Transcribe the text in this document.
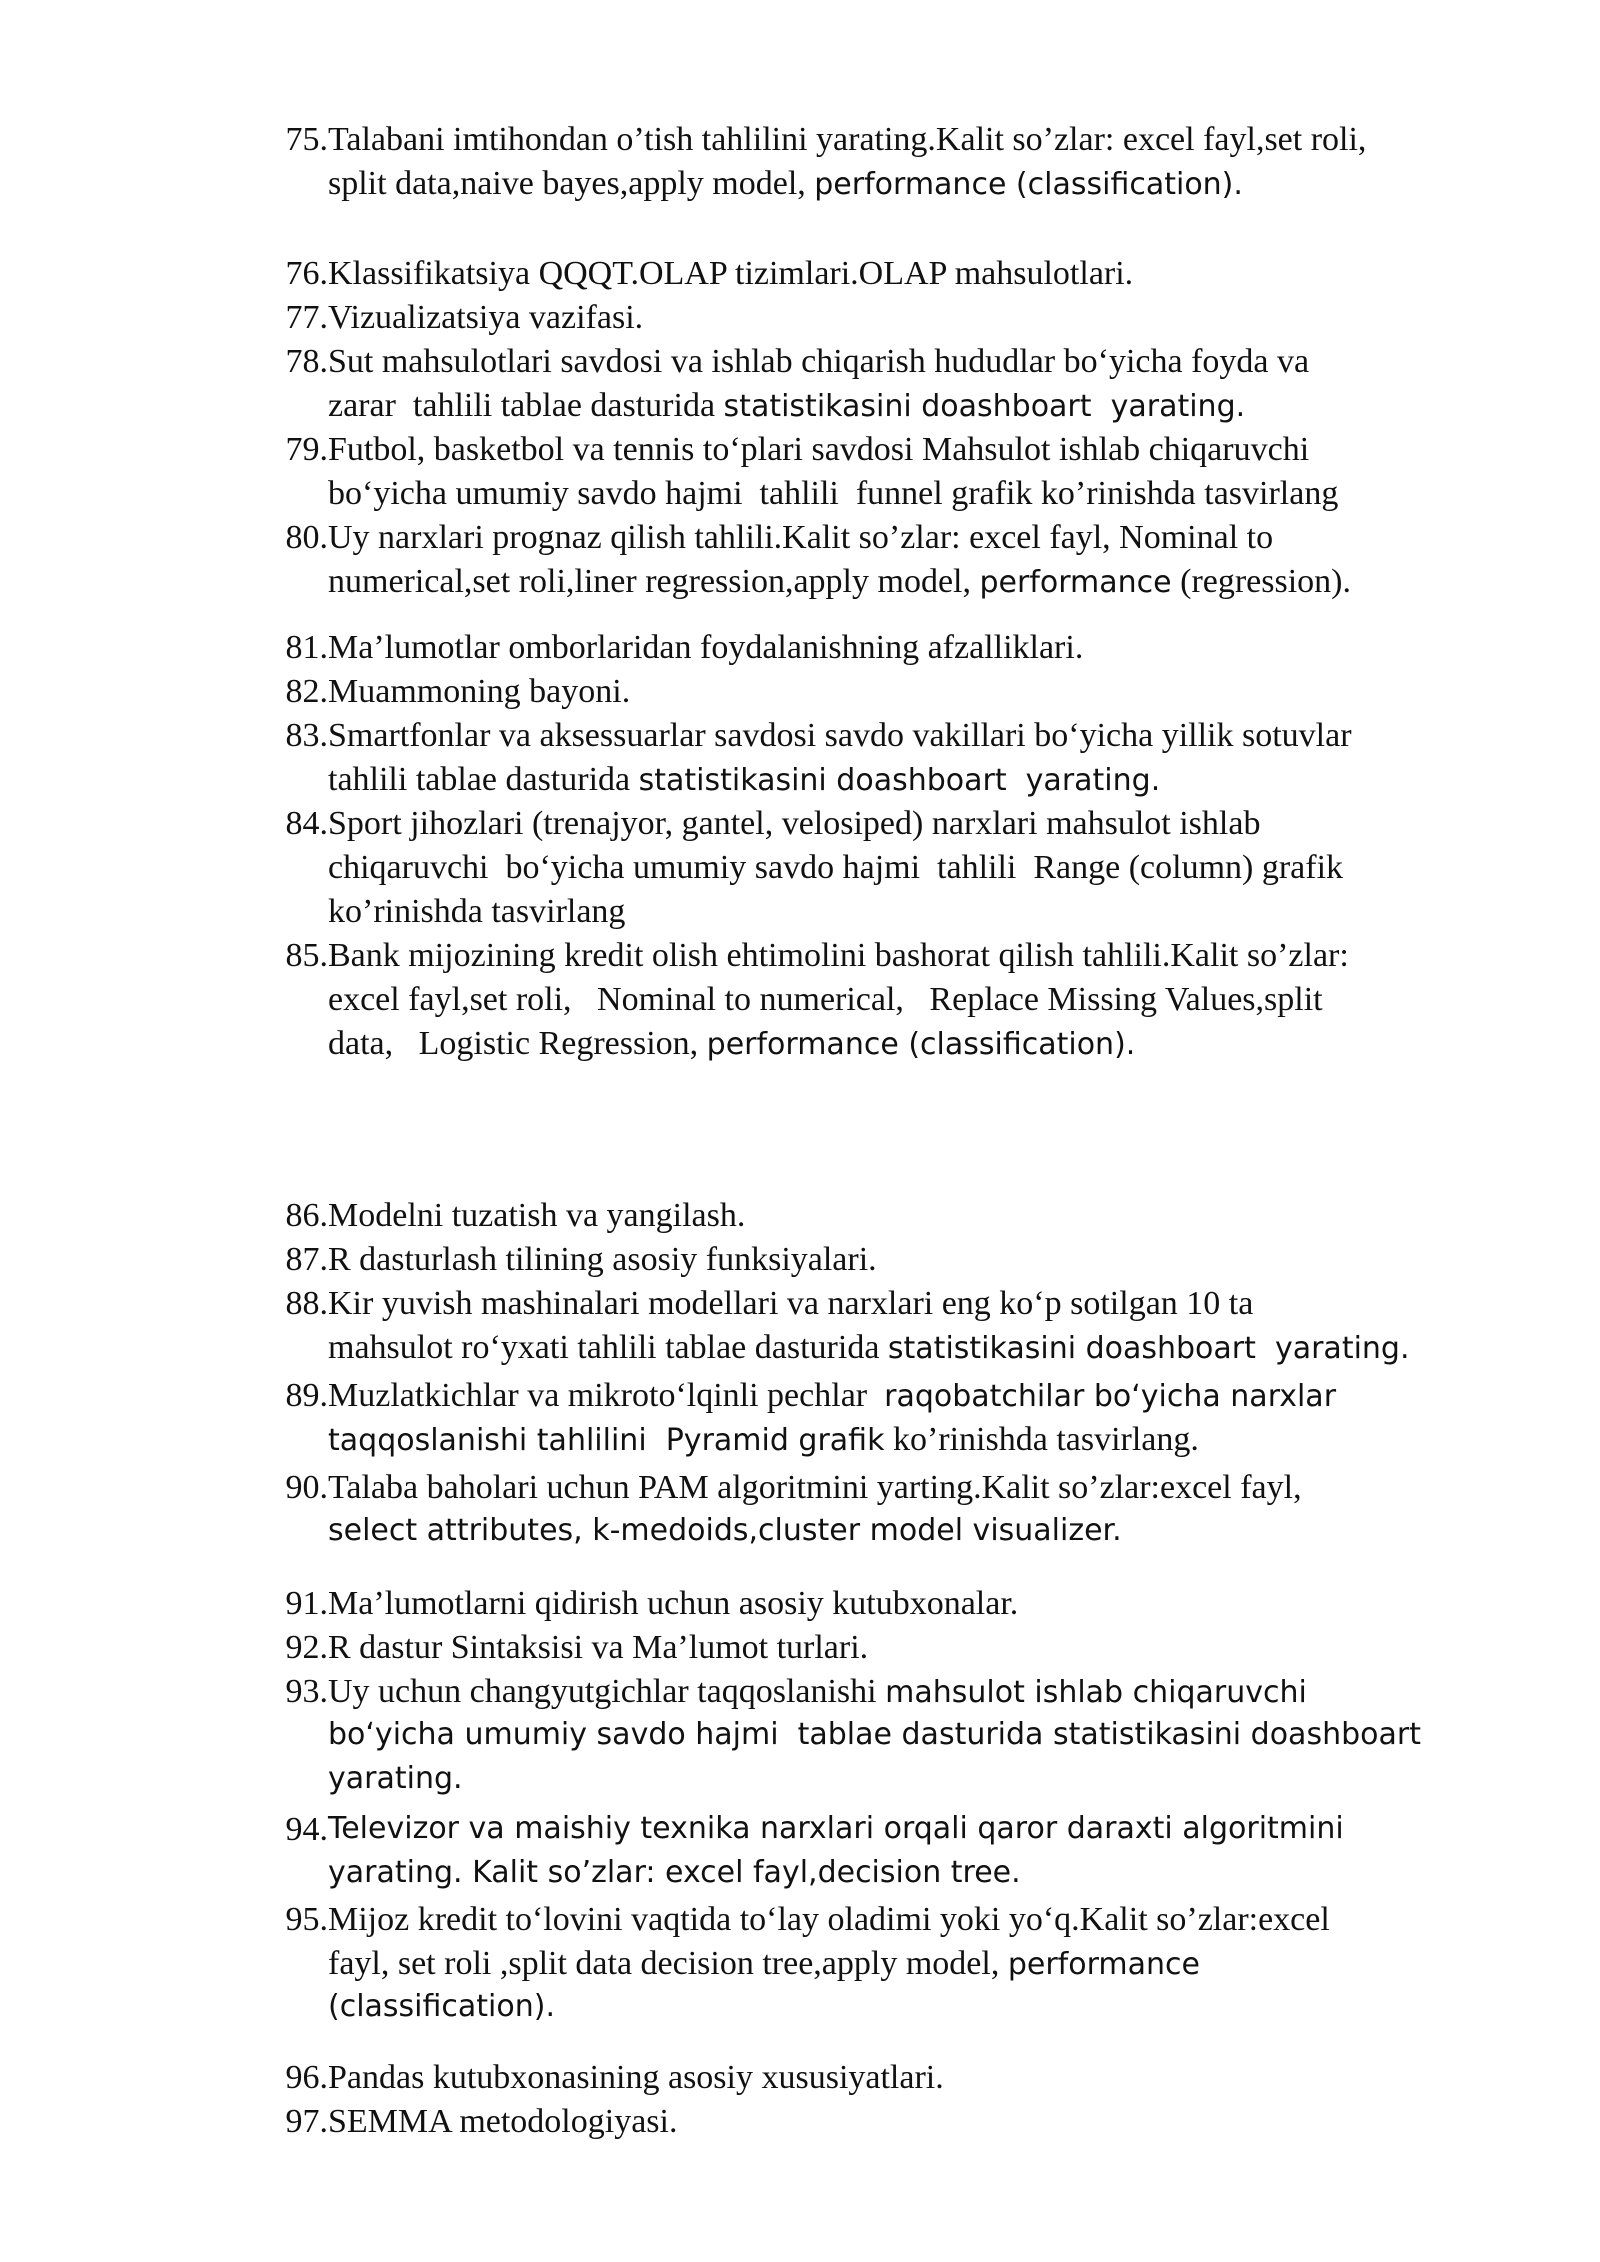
75. Talabani imtihondan o’tish tahlilini yarating.Kalit so’zlar: excel fayl,set roli,
split data,naive bayes,apply model, performance (classification).
76. Klassifikatsiya QQQT.OLAP tizimlari.OLAP mahsulotlari.
77. Vizualizatsiya vazifasi.
78. Sut mahsulotlari savdosi va ishlab chiqarish hududlar bo‘yicha foyda va
zarar  tahlili tablae dasturida statistikasini doashboart  yarating.
79. Futbol, basketbol va tennis to‘plari savdosi Mahsulot ishlab chiqaruvchi
bo‘yicha umumiy savdo hajmi  tahlili  funnel grafik ko’rinishda tasvirlang
80. Uy narxlari prognaz qilish tahlili.Kalit so’zlar: excel fayl, Nominal to
numerical,set roli,liner regression,apply model, performance (regression).
81. Ma’lumotlar omborlaridan foydalanishning afzalliklari.
82. Muammoning bayoni.
83. Smartfonlar va aksessuarlar savdosi savdo vakillari bo‘yicha yillik sotuvlar
tahlili tablae dasturida statistikasini doashboart  yarating.
84. Sport jihozlari (trenajyor, gantel, velosiped) narxlari mahsulot ishlab
chiqaruvchi  bo‘yicha umumiy savdo hajmi  tahlili  Range (column) grafik
ko’rinishda tasvirlang
85. Bank mijozining kredit olish ehtimolini bashorat qilish tahlili.Kalit so’zlar:
excel fayl,set roli,   Nominal to numerical,   Replace Missing Values,split
data,   Logistic Regression, performance (classification).
86. Modelni tuzatish va yangilash.
87. R dasturlash tilining asosiy funksiyalari.
88. Kir yuvish mashinalari modellari va narxlari eng ko‘p sotilgan 10 ta
mahsulot ro‘yxati tahlili tablae dasturida statistikasini doashboart  yarating.
89. Muzlatkichlar va mikroto‘lqinli pechlar  raqobatchilar bo‘yicha narxlar
taqqoslanishi tahlilini  Pyramid grafik ko’rinishda tasvirlang.
90. Talaba baholari uchun PAM algoritmini yarting.Kalit so’zlar:excel fayl,
select attributes, k-medoids,cluster model visualizer.
91. Ma’lumotlarni qidirish uchun asosiy kutubxonalar.
92. R dastur Sintaksisi va Ma’lumot turlari.
93. Uy uchun changyutgichlar taqqoslanishi mahsulot ishlab chiqaruvchi
bo‘yicha umumiy savdo hajmi  tablae dasturida statistikasini doashboart
yarating.
94. Televizor va maishiy texnika narxlari orqali qaror daraxti algoritmini
yarating. Kalit so’zlar: excel fayl,decision tree.
95. Mijoz kredit to‘lovini vaqtida to‘lay oladimi yoki yo‘q.Kalit so’zlar:excel
fayl, set roli ,split data decision tree,apply model, performance
(classification).
96. Pandas kutubxonasining asosiy xususiyatlari.
97. SEMMA metodologiyasi.
